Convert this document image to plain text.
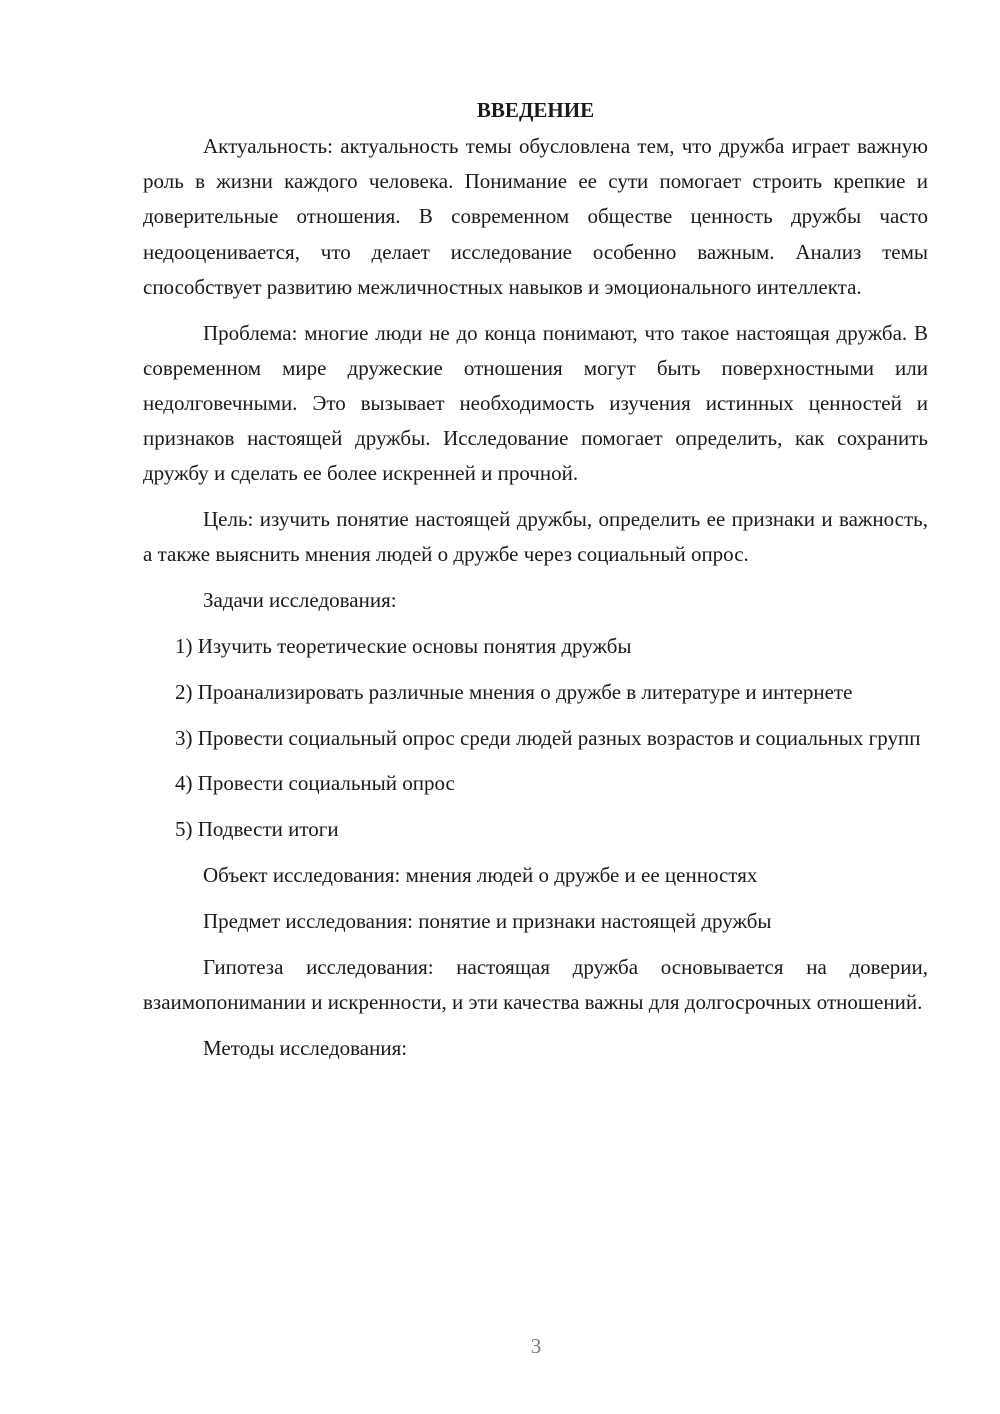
ВВЕДЕНИЕ

Актуальность: актуальность темы обусловлена тем, что дружба играет важную роль в жизни каждого человека. Понимание ее сути помогает строить крепкие и доверительные отношения. В современном обществе ценность дружбы часто недооценивается, что делает исследование особенно важным. Анализ темы способствует развитию межличностных навыков и эмоционального интеллекта.

Проблема: многие люди не до конца понимают, что такое настоящая дружба. В современном мире дружеские отношения могут быть поверхностными или недолговечными. Это вызывает необходимость изучения истинных ценностей и признаков настоящей дружбы. Исследование помогает определить, как сохранить дружбу и сделать ее более искренней и прочной.

Цель: изучить понятие настоящей дружбы, определить ее признаки и важность, а также выяснить мнения людей о дружбе через социальный опрос.

Задачи исследования:

1) Изучить теоретические основы понятия дружбы

2) Проанализировать различные мнения о дружбе в литературе и интернете

3) Провести социальный опрос среди людей разных возрастов и социальных групп

4) Провести социальный опрос

5) Подвести итоги

Объект исследования: мнения людей о дружбе и ее ценностях

Предмет исследования: понятие и признаки настоящей дружбы

Гипотеза исследования: настоящая дружба основывается на доверии, взаимопонимании и искренности, и эти качества важны для долгосрочных отношений.

Методы исследования:

3
